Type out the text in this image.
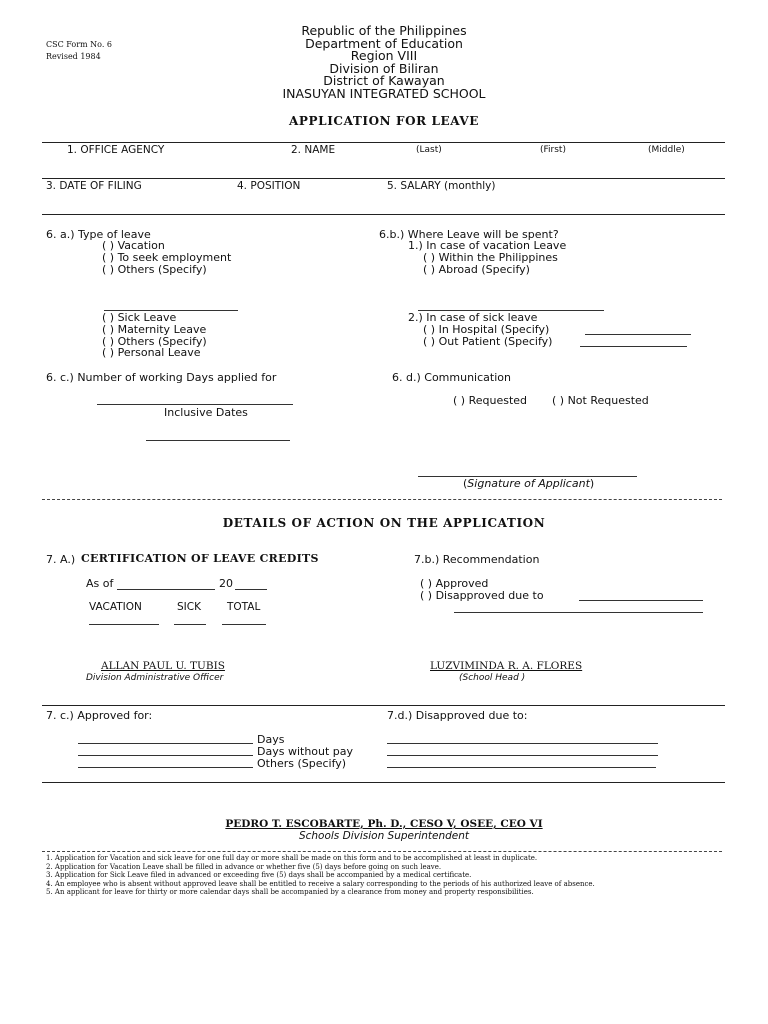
CSC Form No. 6
Revised 1984
Republic of the Philippines
Department of Education
Region VIII
Division of Biliran
District of Kawayan
INASUYAN INTEGRATED SCHOOL
APPLICATION FOR LEAVE
1. OFFICE AGENCY	2. NAME	(Last)	(First)	(Middle)
3. DATE OF FILING	4. POSITION	5. SALARY (monthly)
6. a.) Type of leave
( ) Vacation
( ) To seek employment
( ) Others (Specify)
( ) Sick Leave
( ) Maternity Leave
( ) Others (Specify)
( ) Personal Leave
6.b.) Where Leave will be spent?
1.) In case of vacation Leave
( ) Within the Philippines
( ) Abroad (Specify)
2.) In case of sick leave
( ) In Hospital (Specify)
( ) Out Patient (Specify)
6. c.) Number of working Days applied for
Inclusive Dates
6. d.) Communication
( ) Requested ( ) Not Requested
(Signature of Applicant)
DETAILS OF ACTION ON THE APPLICATION
7. A.) CERTIFICATION OF LEAVE CREDITS
As of	20
VACATION	SICK TOTAL
7.b.) Recommendation
( ) Approved
( ) Disapproved due to
ALLAN PAUL U. TUBIS
Division Administrative Officer
LUZVIMINDA R. A. FLORES
(School Head )
7. c.) Approved for:
Days
Days without pay
Others (Specify)
7.d.) Disapproved due to:
PEDRO T. ESCOBARTE, Ph. D., CESO V, OSEE, CEO VI
Schools Division Superintendent
1. Application for Vacation and sick leave for one full day or more shall be made on this form and to be accomplished at least in duplicate.
2. Application for Vacation Leave shall be filled in advance or whether five (5) days before going on such leave.
3. Application for Sick Leave filed in advanced or exceeding five (5) days shall be accompanied by a medical certificate.
4. An employee who is absent without approved leave shall be entitled to receive a salary corresponding to the periods of his authorized leave of absence.
5. An applicant for leave for thirty or more calendar days shall be accompanied by a clearance from money and property responsibilities.
